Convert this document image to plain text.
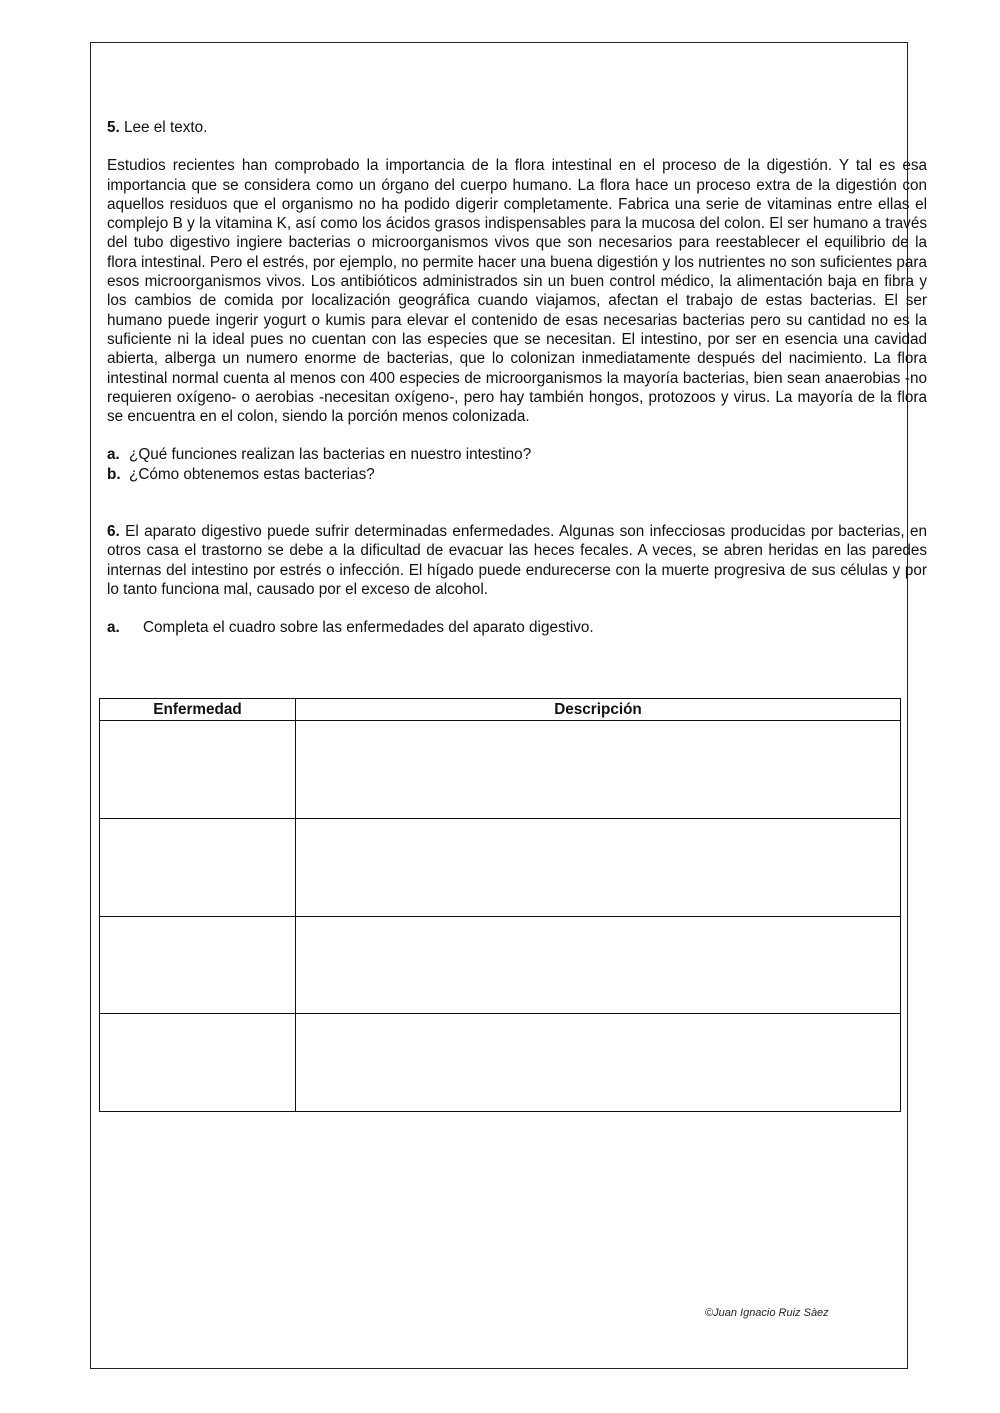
5. Lee el texto.

Estudios recientes han comprobado la importancia de la flora intestinal en el proceso de la digestión. Y tal es esa importancia que se considera como un órgano del cuerpo humano. La flora hace un proceso extra de la digestión con aquellos residuos que el organismo no ha podido digerir completamente. Fabrica una serie de vitaminas entre ellas el complejo B y la vitamina K, así como los ácidos grasos indispensables para la mucosa del colon. El ser humano a través del tubo digestivo ingiere bacterias o microorganismos vivos que son necesarios para reestablecer el equilibrio de la flora intestinal. Pero el estrés, por ejemplo, no permite hacer una buena digestión y los nutrientes no son suficientes para esos microorganismos vivos. Los antibióticos administrados sin un buen control médico, la alimentación baja en fibra y los cambios de comida por localización geográfica cuando viajamos, afectan el trabajo de estas bacterias. El ser humano puede ingerir yogurt o kumis para elevar el contenido de esas necesarias bacterias pero su cantidad no es la suficiente ni la ideal pues no cuentan con las especies que se necesitan. El intestino, por ser en esencia una cavidad abierta, alberga un numero enorme de bacterias, que lo colonizan inmediatamente después del nacimiento. La flora intestinal normal cuenta al menos con 400 especies de microorganismos la mayoría bacterias, bien sean anaerobias -no requieren oxígeno- o aerobias -necesitan oxígeno-, pero hay también hongos, protozoos y virus. La mayoría de la flora se encuentra en el colon, siendo la porción menos colonizada.

a. ¿Qué funciones realizan las bacterias en nuestro intestino?
b. ¿Cómo obtenemos estas bacterias?

6. El aparato digestivo puede sufrir determinadas enfermedades. Algunas son infecciosas producidas por bacterias, en otros casa el trastorno se debe a la dificultad de evacuar las heces fecales. A veces, se abren heridas en las paredes internas del intestino por estrés o infección. El hígado puede endurecerse con la muerte progresiva de sus células y por lo tanto funciona mal, causado por el exceso de alcohol.

a.	Completa el cuadro sobre las enfermedades del aparato digestivo.
Enfermedad	Descripción

©Juan Ignacio Ruiz Sàez
